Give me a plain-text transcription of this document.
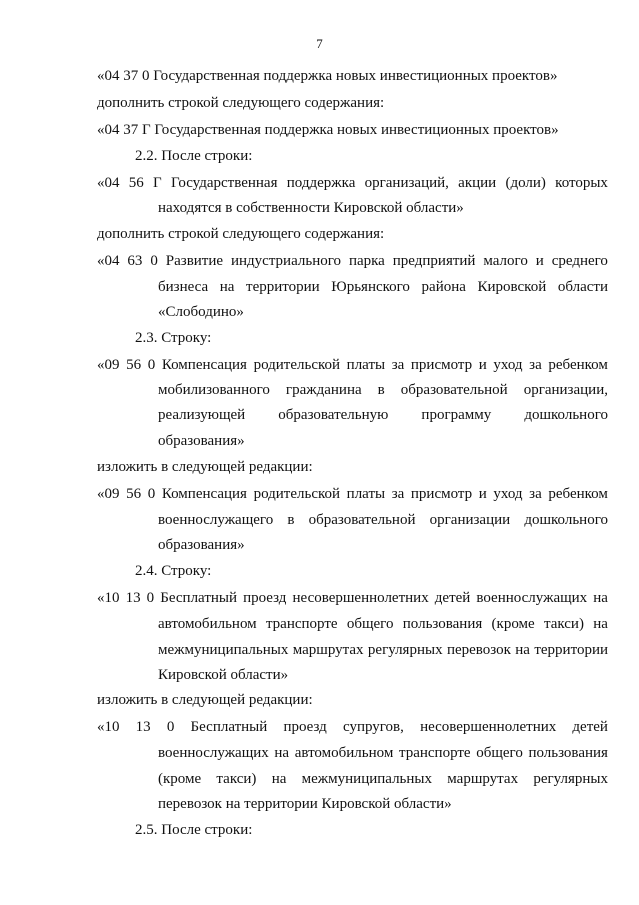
7
«04 37 0 Государственная поддержка новых инвестиционных проектов»
дополнить строкой следующего содержания:
«04 37 Г Государственная поддержка новых инвестиционных проектов»
2.2. После строки:
«04 56 Г Государственная поддержка организаций, акции (доли) которых
находятся в собственности Кировской области»
дополнить строкой следующего содержания:
«04 63 0 Развитие индустриального парка предприятий малого и среднего
бизнеса на территории Юрьянского района Кировской области
«Слободино»
2.3. Строку:
«09 56 0 Компенсация родительской платы за присмотр и уход за ребенком
мобилизованного гражданина в образовательной организации,
реализующей образовательную программу дошкольного
образования»
изложить в следующей редакции:
«09 56 0 Компенсация родительской платы за присмотр и уход за ребенком
военнослужащего в образовательной организации дошкольного
образования»
2.4. Строку:
«10 13 0 Бесплатный проезд несовершеннолетних детей военнослужащих на
автомобильном транспорте общего пользования (кроме такси) на
межмуниципальных маршрутах регулярных перевозок на территории
Кировской области»
изложить в следующей редакции:
«10 13 0 Бесплатный проезд супругов, несовершеннолетних детей
военнослужащих на автомобильном транспорте общего пользования
(кроме такси) на межмуниципальных маршрутах регулярных
перевозок на территории Кировской области»
2.5. После строки:
